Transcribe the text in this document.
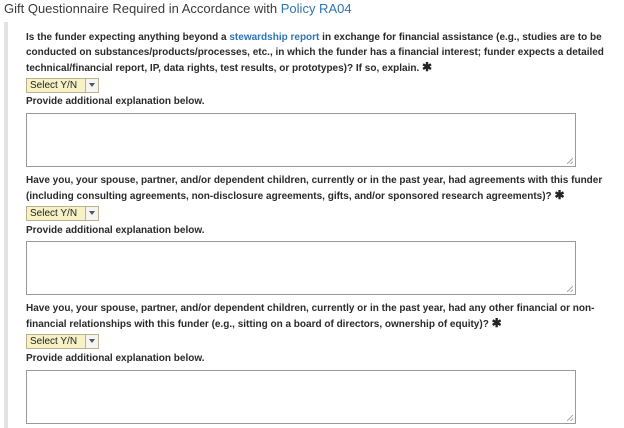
Gift Questionnaire Required in Accordance with Policy RA04
Is the funder expecting anything beyond a stewardship report in exchange for financial assistance (e.g., studies are to be conducted on substances/products/processes, etc., in which the funder has a financial interest; funder expects a detailed technical/financial report, IP, data rights, test results, or prototypes)? If so, explain. ✱
Select Y/N
Provide additional explanation below.
Have you, your spouse, partner, and/or dependent children, currently or in the past year, had agreements with this funder (including consulting agreements, non-disclosure agreements, gifts, and/or sponsored research agreements)? ✱
Select Y/N
Provide additional explanation below.
Have you, your spouse, partner, and/or dependent children, currently or in the past year, had any other financial or non-financial relationships with this funder (e.g., sitting on a board of directors, ownership of equity)? ✱
Select Y/N
Provide additional explanation below.
